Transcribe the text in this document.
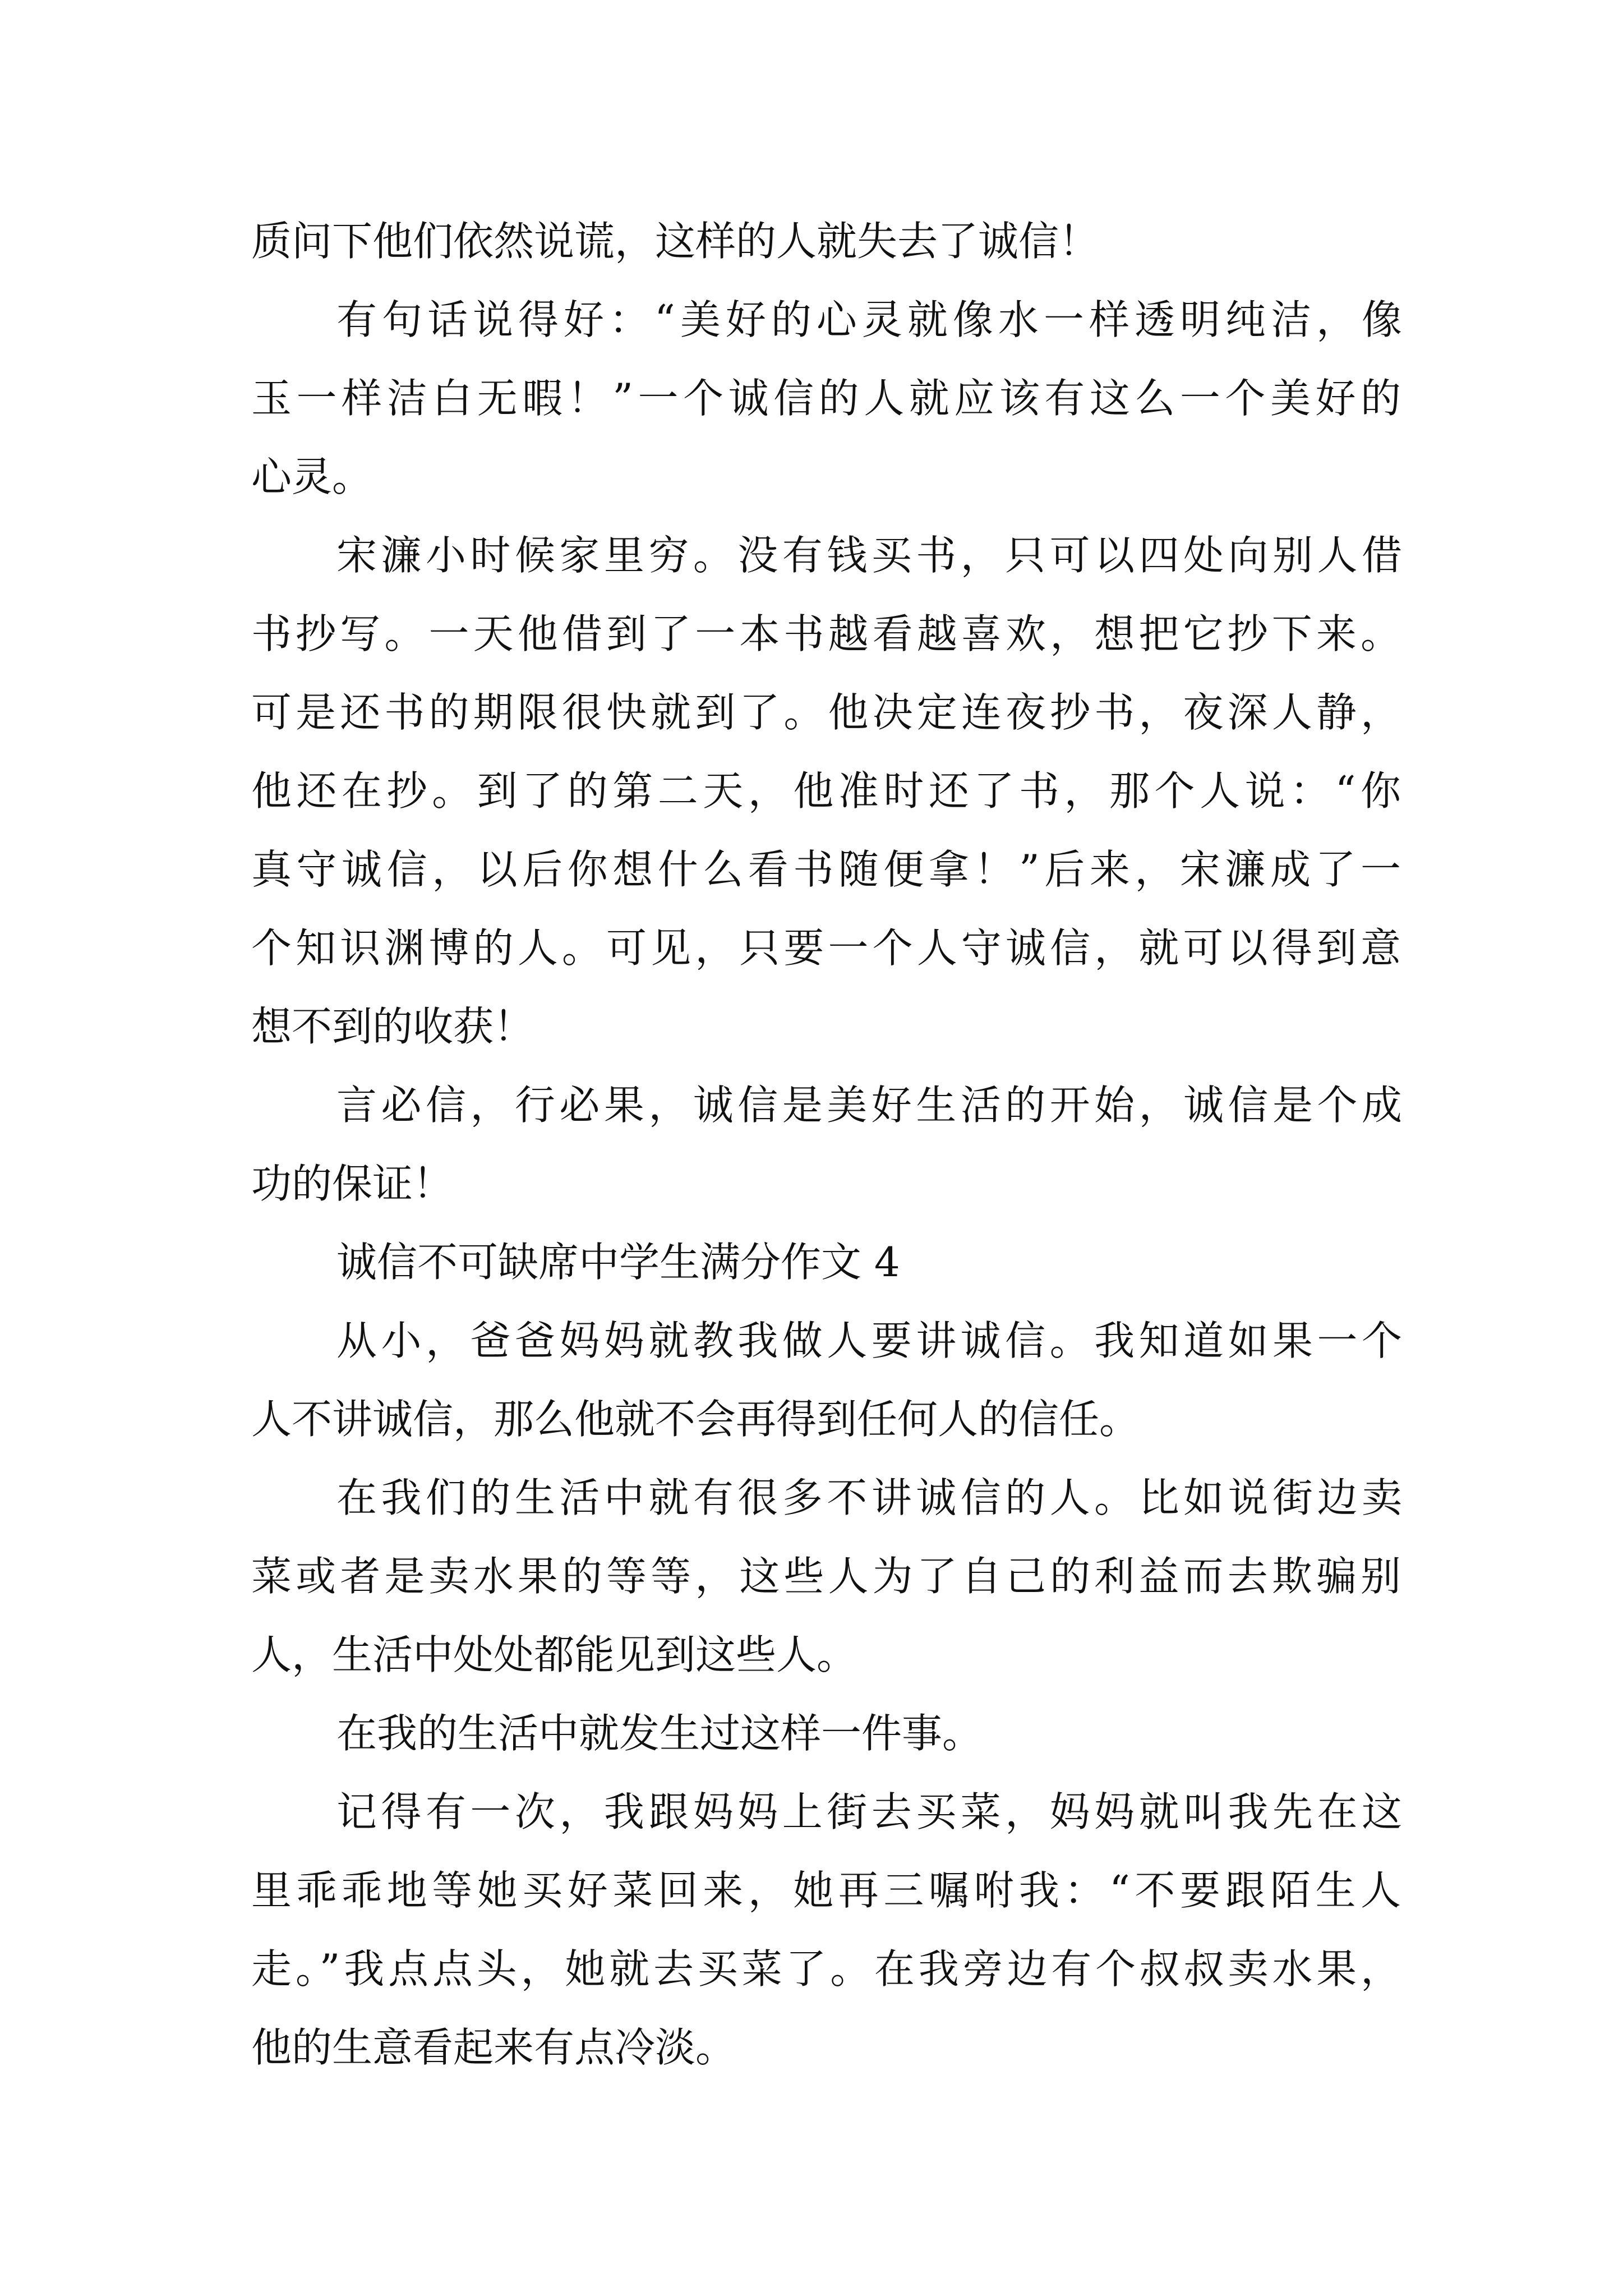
质问下他们依然说谎，这样的人就失去了诚信！

有句话说得好：“美好的心灵就像水一样透明纯洁，像

玉一样洁白无暇！”一个诚信的人就应该有这么一个美好的

心灵。

宋濂小时候家里穷。没有钱买书，只可以四处向别人借

书抄写。一天他借到了一本书越看越喜欢，想把它抄下来。

可是还书的期限很快就到了。他决定连夜抄书，夜深人静，

他还在抄。到了的第二天，他准时还了书，那个人说：“你

真守诚信，以后你想什么看书随便拿！”后来，宋濂成了一

个知识渊博的人。可见，只要一个人守诚信，就可以得到意

想不到的收获！

言必信，行必果，诚信是美好生活的开始，诚信是个成

功的保证！

诚信不可缺席中学生满分作文 4

从小，爸爸妈妈就教我做人要讲诚信。我知道如果一个

人不讲诚信，那么他就不会再得到任何人的信任。

在我们的生活中就有很多不讲诚信的人。比如说街边卖

菜或者是卖水果的等等，这些人为了自己的利益而去欺骗别

人，生活中处处都能见到这些人。

在我的生活中就发生过这样一件事。

记得有一次，我跟妈妈上街去买菜，妈妈就叫我先在这

里乖乖地等她买好菜回来，她再三嘱咐我：“不要跟陌生人

走。”我点点头，她就去买菜了。在我旁边有个叔叔卖水果，

他的生意看起来有点冷淡。
